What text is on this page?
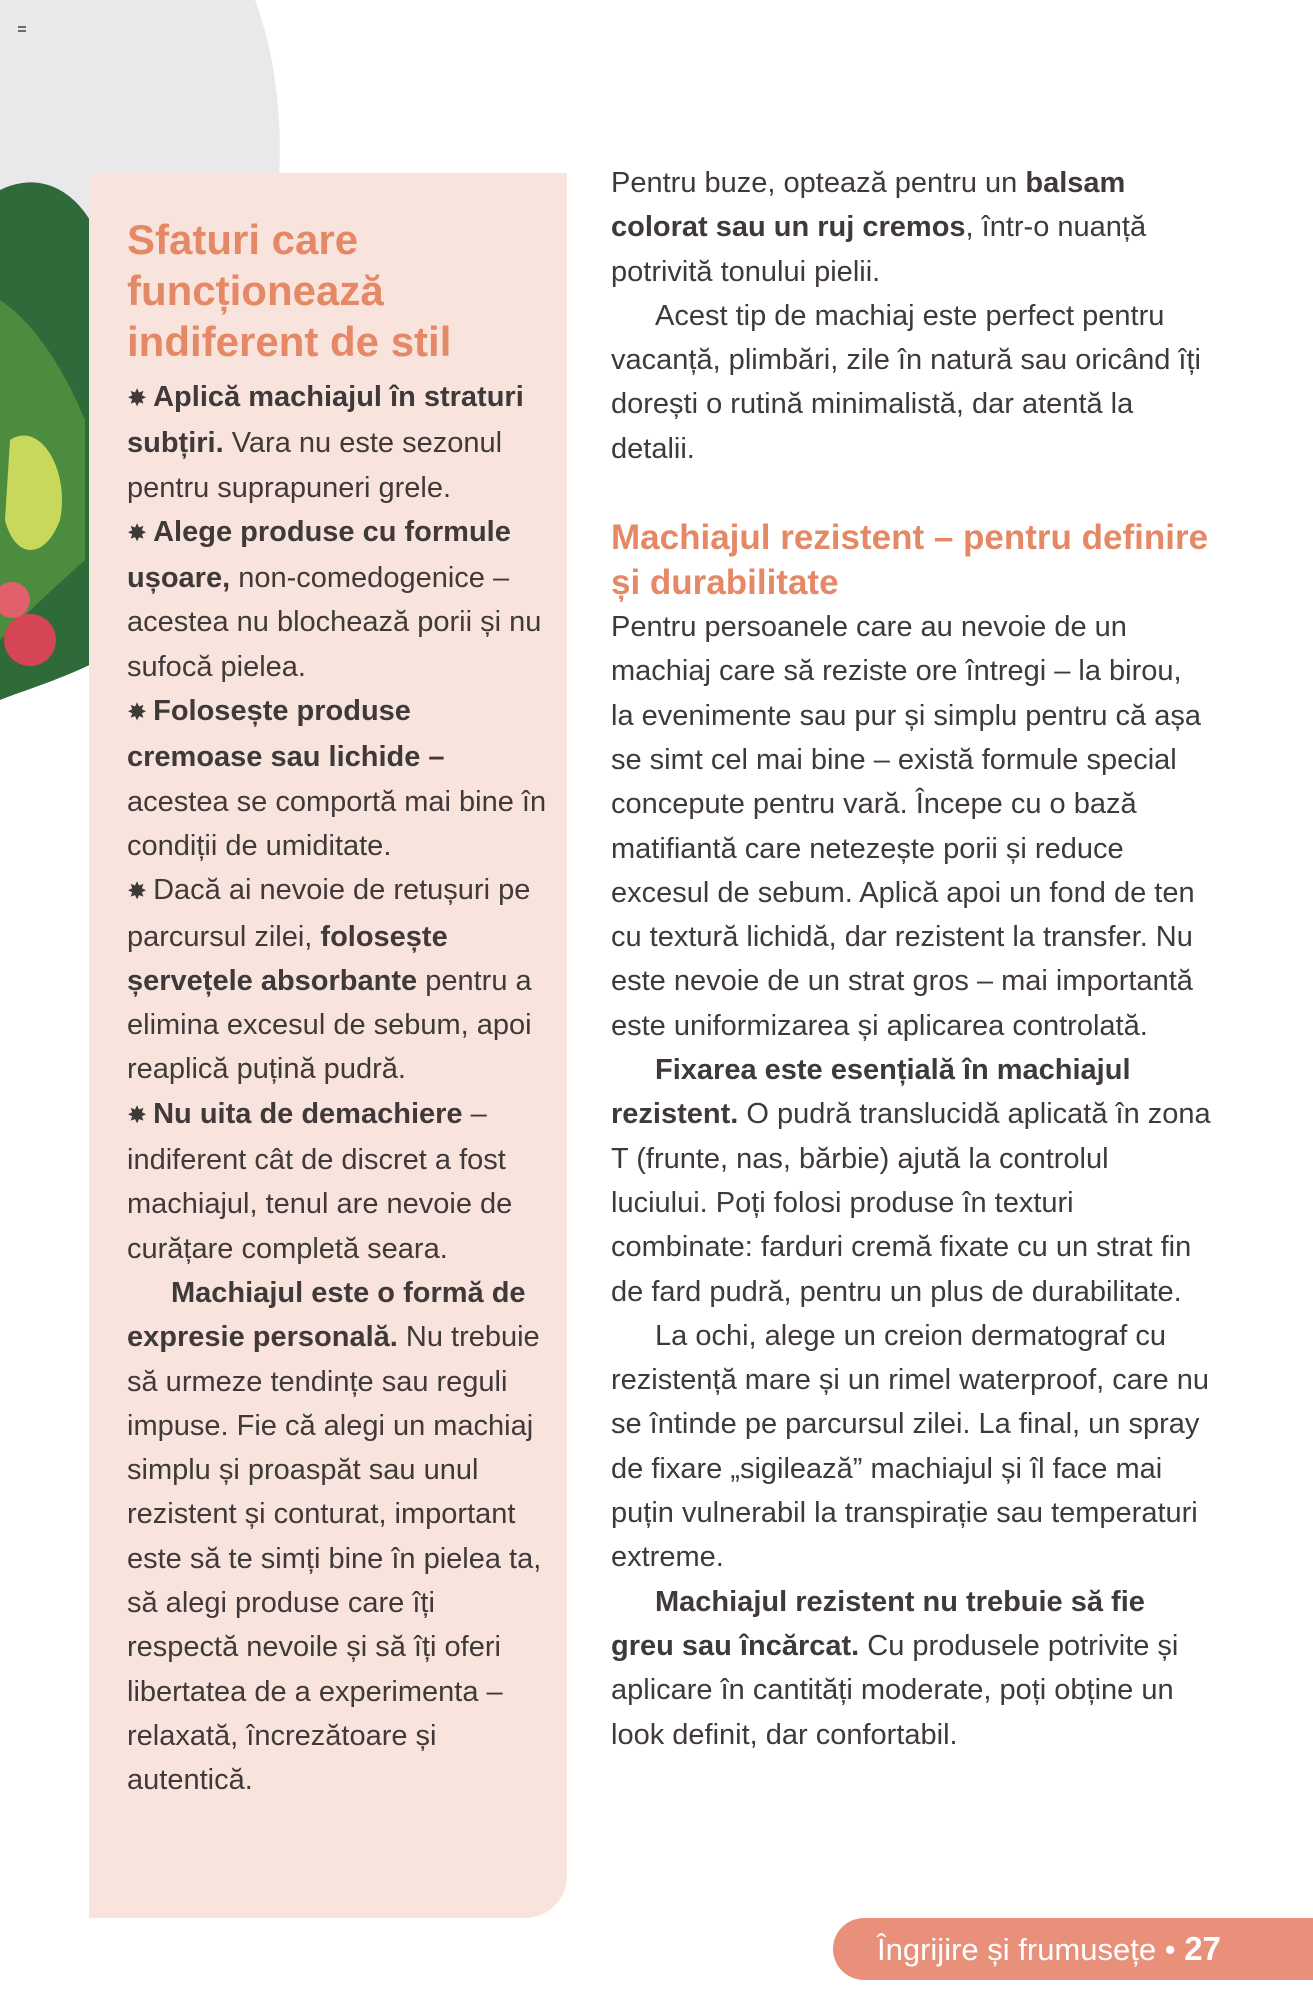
Sfaturi care funcționează indiferent de stil

✸ Aplică machiajul în straturi subțiri. Vara nu este sezonul pentru suprapuneri grele.

✸ Alege produse cu formule ușoare, non-comedogenice – acestea nu blochează porii și nu sufocă pielea.

✸ Folosește produse cremoase sau lichide – acestea se comportă mai bine în condiții de umiditate.

✸ Dacă ai nevoie de retușuri pe parcursul zilei, folosește șervețele absorbante pentru a elimina excesul de sebum, apoi reaplică puțină pudră.

✸ Nu uita de demachiere – indiferent cât de discret a fost machiajul, tenul are nevoie de curățare completă seara.

Machiajul este o formă de expresie personală. Nu trebuie să urmeze tendințe sau reguli impuse. Fie că alegi un machiaj simplu și proaspăt sau unul rezistent și conturat, important este să te simți bine în pielea ta, să alegi produse care îți respectă nevoile și să îți oferi libertatea de a experimenta – relaxată, încrezătoare și autentică.

Pentru buze, optează pentru un balsam colorat sau un ruj cremos, într-o nuanță potrivită tonului pielii.

Acest tip de machiaj este perfect pentru vacanță, plimbări, zile în natură sau oricând îți dorești o rutină minimalistă, dar atentă la detalii.

Machiajul rezistent – pentru definire și durabilitate

Pentru persoanele care au nevoie de un machiaj care să reziste ore întregi – la birou, la evenimente sau pur și simplu pentru că așa se simt cel mai bine – există formule special concepute pentru vară. Începe cu o bază matifiantă care netezește porii și reduce excesul de sebum. Aplică apoi un fond de ten cu textură lichidă, dar rezistent la transfer. Nu este nevoie de un strat gros – mai importantă este uniformizarea și aplicarea controlată.

Fixarea este esențială în machiajul rezistent. O pudră translucidă aplicată în zona T (frunte, nas, bărbie) ajută la controlul luciului. Poți folosi produse în texturi combinate: farduri cremă fixate cu un strat fin de fard pudră, pentru un plus de durabilitate.

La ochi, alege un creion dermatograf cu rezistență mare și un rimel waterproof, care nu se întinde pe parcursul zilei. La final, un spray de fixare „sigilează” machiajul și îl face mai puțin vulnerabil la transpirație sau temperaturi extreme.

Machiajul rezistent nu trebuie să fie greu sau încărcat. Cu produsele potrivite și aplicare în cantități moderate, poți obține un look definit, dar confortabil.

Îngrijire și frumusețe • 27
